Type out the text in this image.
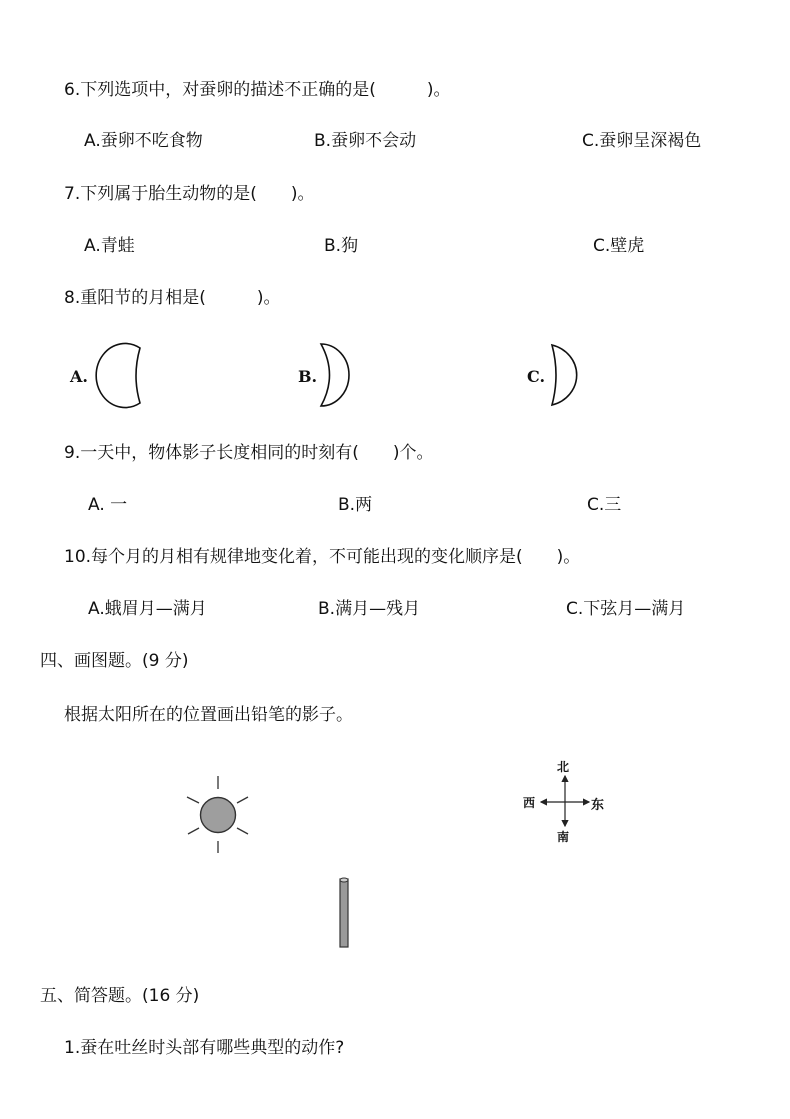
6.下列选项中，对蚕卵的描述不正确的是(　　　)。
A.蚕卵不吃食物	B.蚕卵不会动	C.蚕卵呈深褐色
7.下列属于胎生动物的是(　　)。
A.青蛙	B.狗	C.壁虎
8.重阳节的月相是(　　　)。
A.	B.	C.
9.一天中，物体影子长度相同的时刻有(　　)个。
A. 一	B.两	C.三
10.每个月的月相有规律地变化着，不可能出现的变化顺序是(　　)。
A.蛾眉月—满月	B.满月—残月	C.下弦月—满月
四、画图题。(9 分)
根据太阳所在的位置画出铅笔的影子。
北
南
东
西
五、简答题。(16 分)
1.蚕在吐丝时头部有哪些典型的动作?
